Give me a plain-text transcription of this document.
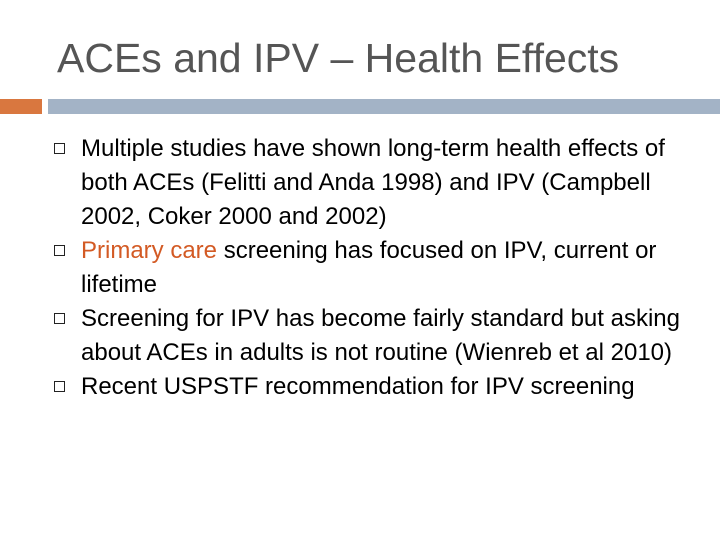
ACEs and IPV – Health Effects
Multiple studies have shown long-term health effects of both ACEs (Felitti and Anda 1998) and IPV (Campbell 2002, Coker 2000 and 2002)
Primary care screening has focused on IPV, current or lifetime
Screening for IPV has become fairly standard but asking about ACEs in adults is not routine (Wienreb et al 2010)
Recent USPSTF recommendation for IPV screening
